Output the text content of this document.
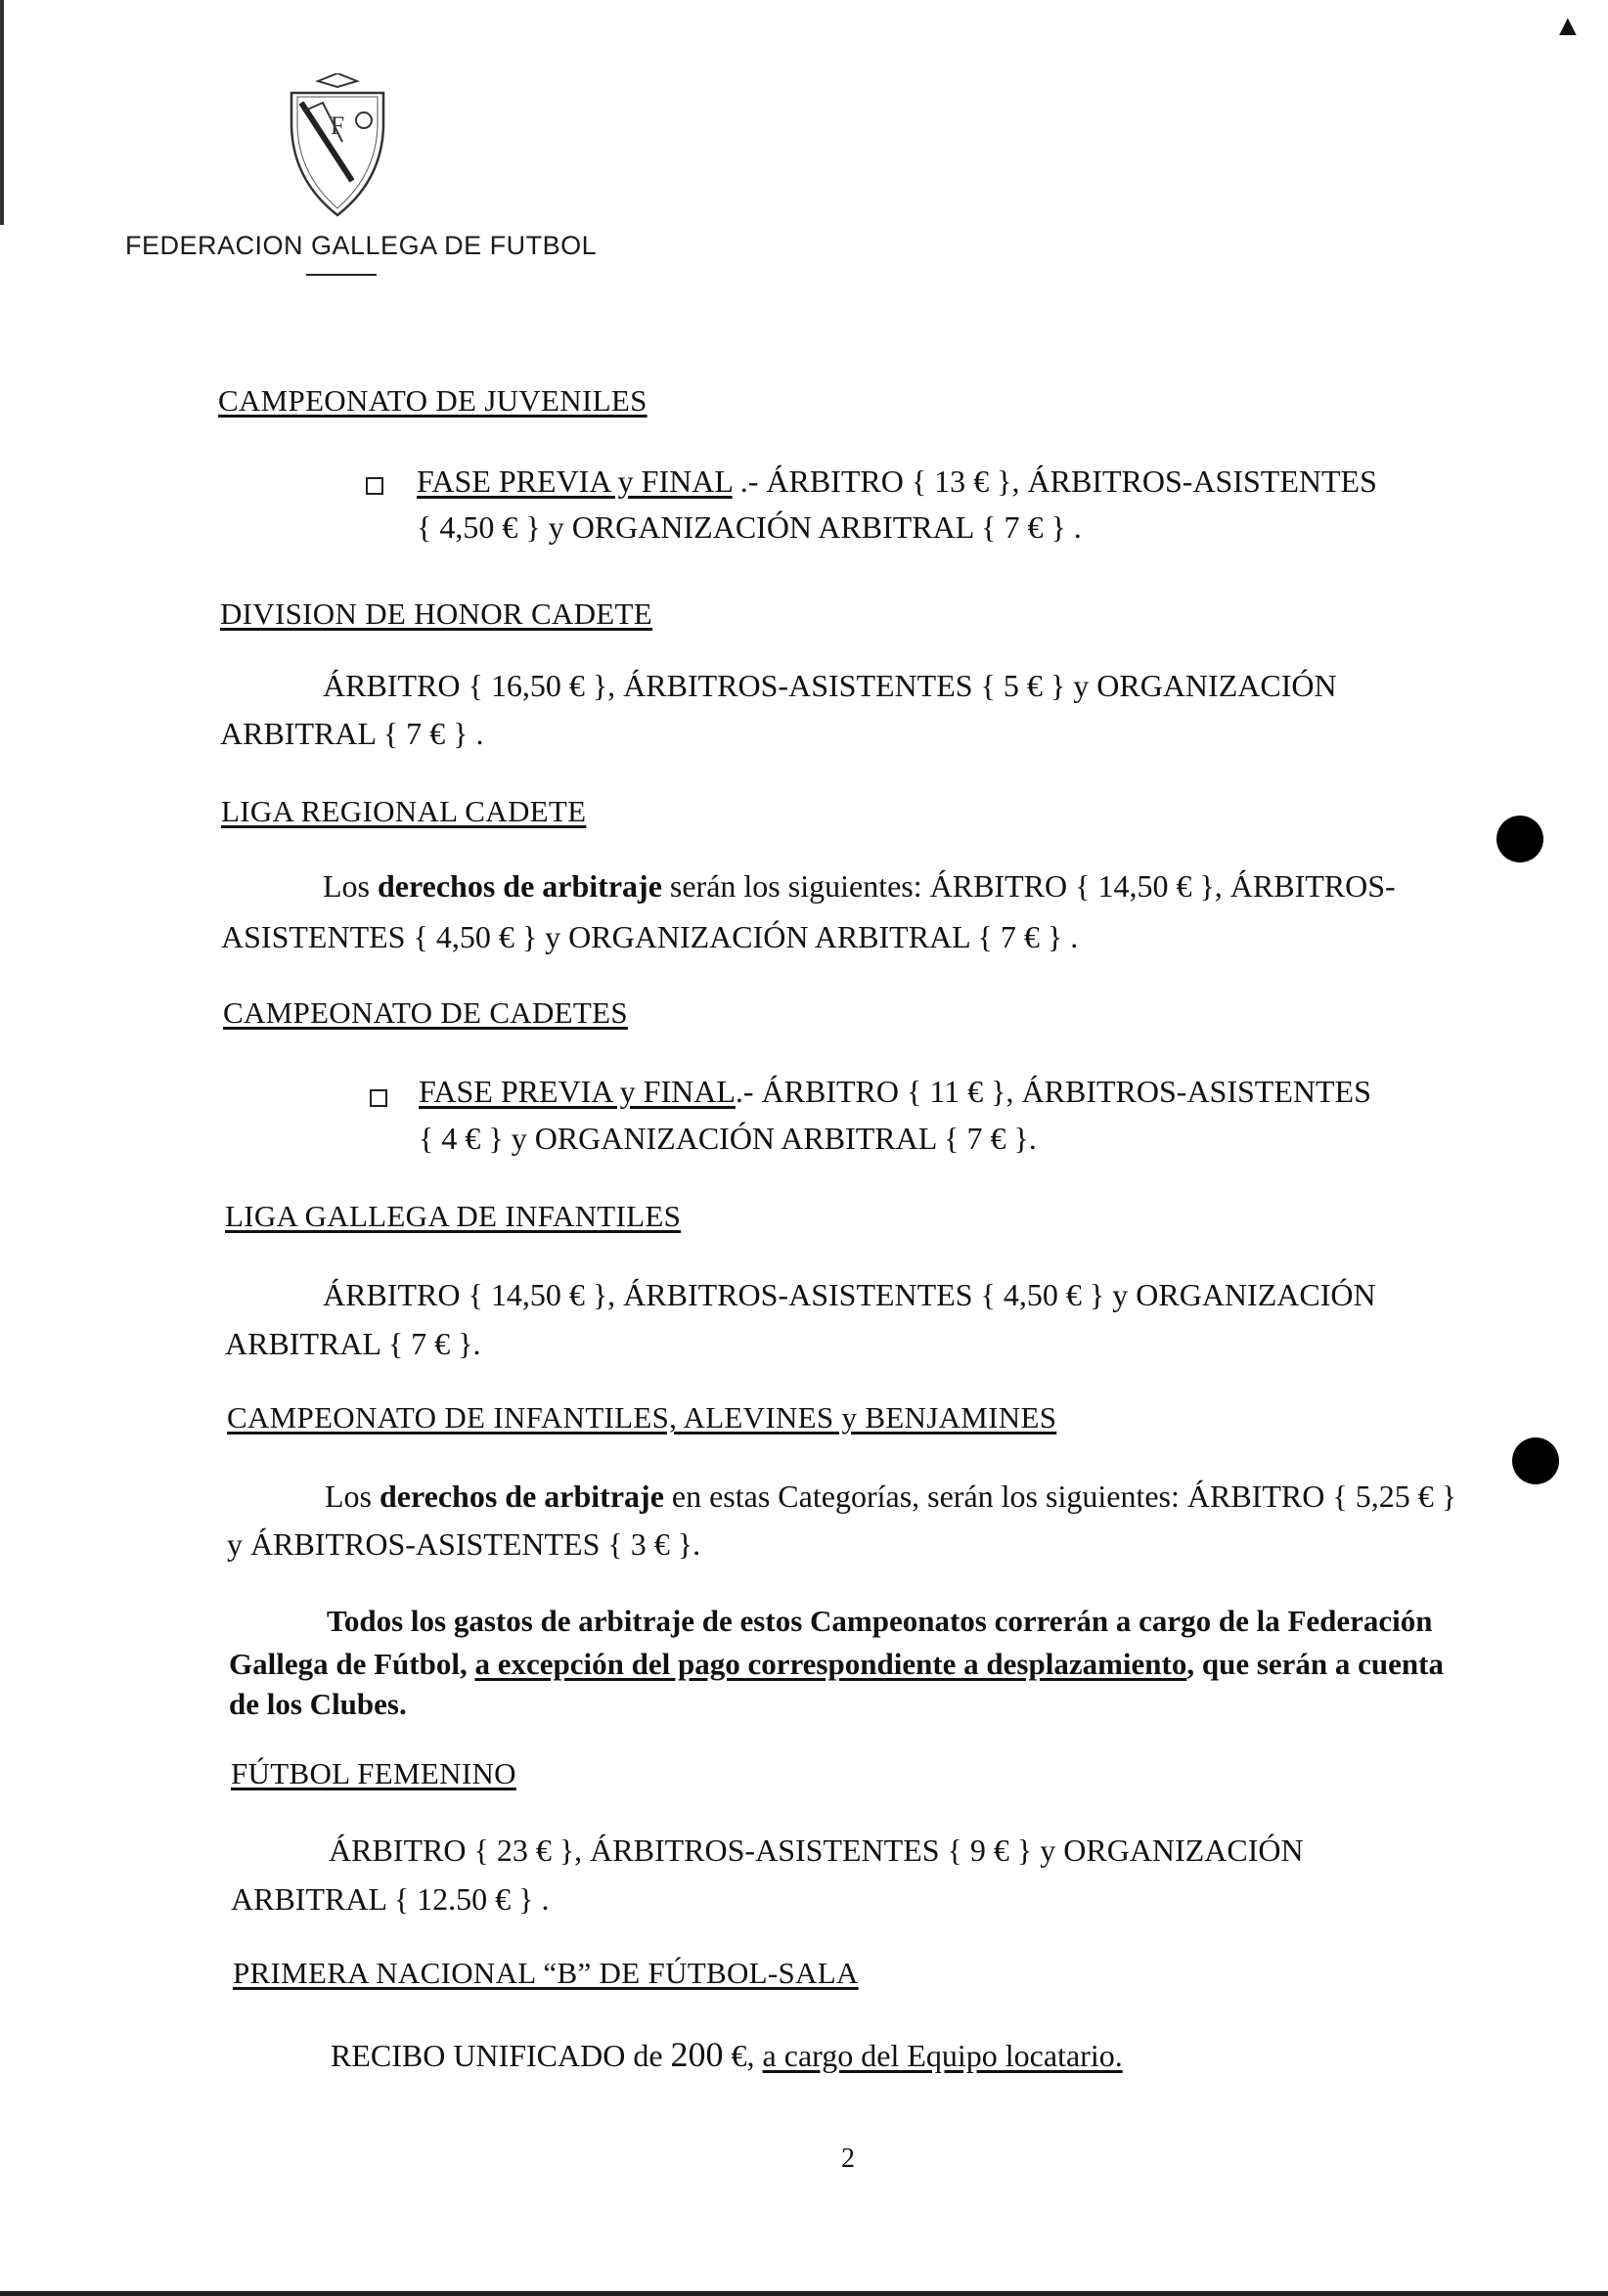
F
FEDERACION GALLEGA DE FUTBOL
▲
CAMPEONATO DE JUVENILES
FASE PREVIA y FINAL .- ÁRBITRO { 13 € }, ÁRBITROS-ASISTENTES
{ 4,50 € } y ORGANIZACIÓN ARBITRAL { 7 € } .
DIVISION DE HONOR CADETE
ÁRBITRO { 16,50 € }, ÁRBITROS-ASISTENTES { 5 € } y ORGANIZACIÓN
ARBITRAL { 7 € } .
LIGA REGIONAL CADETE
Los derechos de arbitraje serán los siguientes: ÁRBITRO { 14,50 € }, ÁRBITROS-
ASISTENTES { 4,50 € } y ORGANIZACIÓN ARBITRAL { 7 € } .
CAMPEONATO DE CADETES
FASE PREVIA y FINAL.- ÁRBITRO { 11 € }, ÁRBITROS-ASISTENTES
{ 4 € } y ORGANIZACIÓN ARBITRAL { 7 € }.
LIGA GALLEGA DE INFANTILES
ÁRBITRO { 14,50 € }, ÁRBITROS-ASISTENTES { 4,50 € } y ORGANIZACIÓN
ARBITRAL { 7 € }.
CAMPEONATO DE INFANTILES, ALEVINES y BENJAMINES
Los derechos de arbitraje en estas Categorías, serán los siguientes: ÁRBITRO { 5,25 € }
y ÁRBITROS-ASISTENTES { 3 € }.
Todos los gastos de arbitraje de estos Campeonatos correrán a cargo de la Federación
Gallega de Fútbol, a excepción del pago correspondiente a desplazamiento, que serán a cuenta
de los Clubes.
FÚTBOL FEMENINO
ÁRBITRO { 23 € }, ÁRBITROS-ASISTENTES { 9 € } y ORGANIZACIÓN
ARBITRAL { 12.50 € } .
PRIMERA NACIONAL “B” DE FÚTBOL-SALA
RECIBO UNIFICADO de 200 €, a cargo del Equipo locatario.
2
